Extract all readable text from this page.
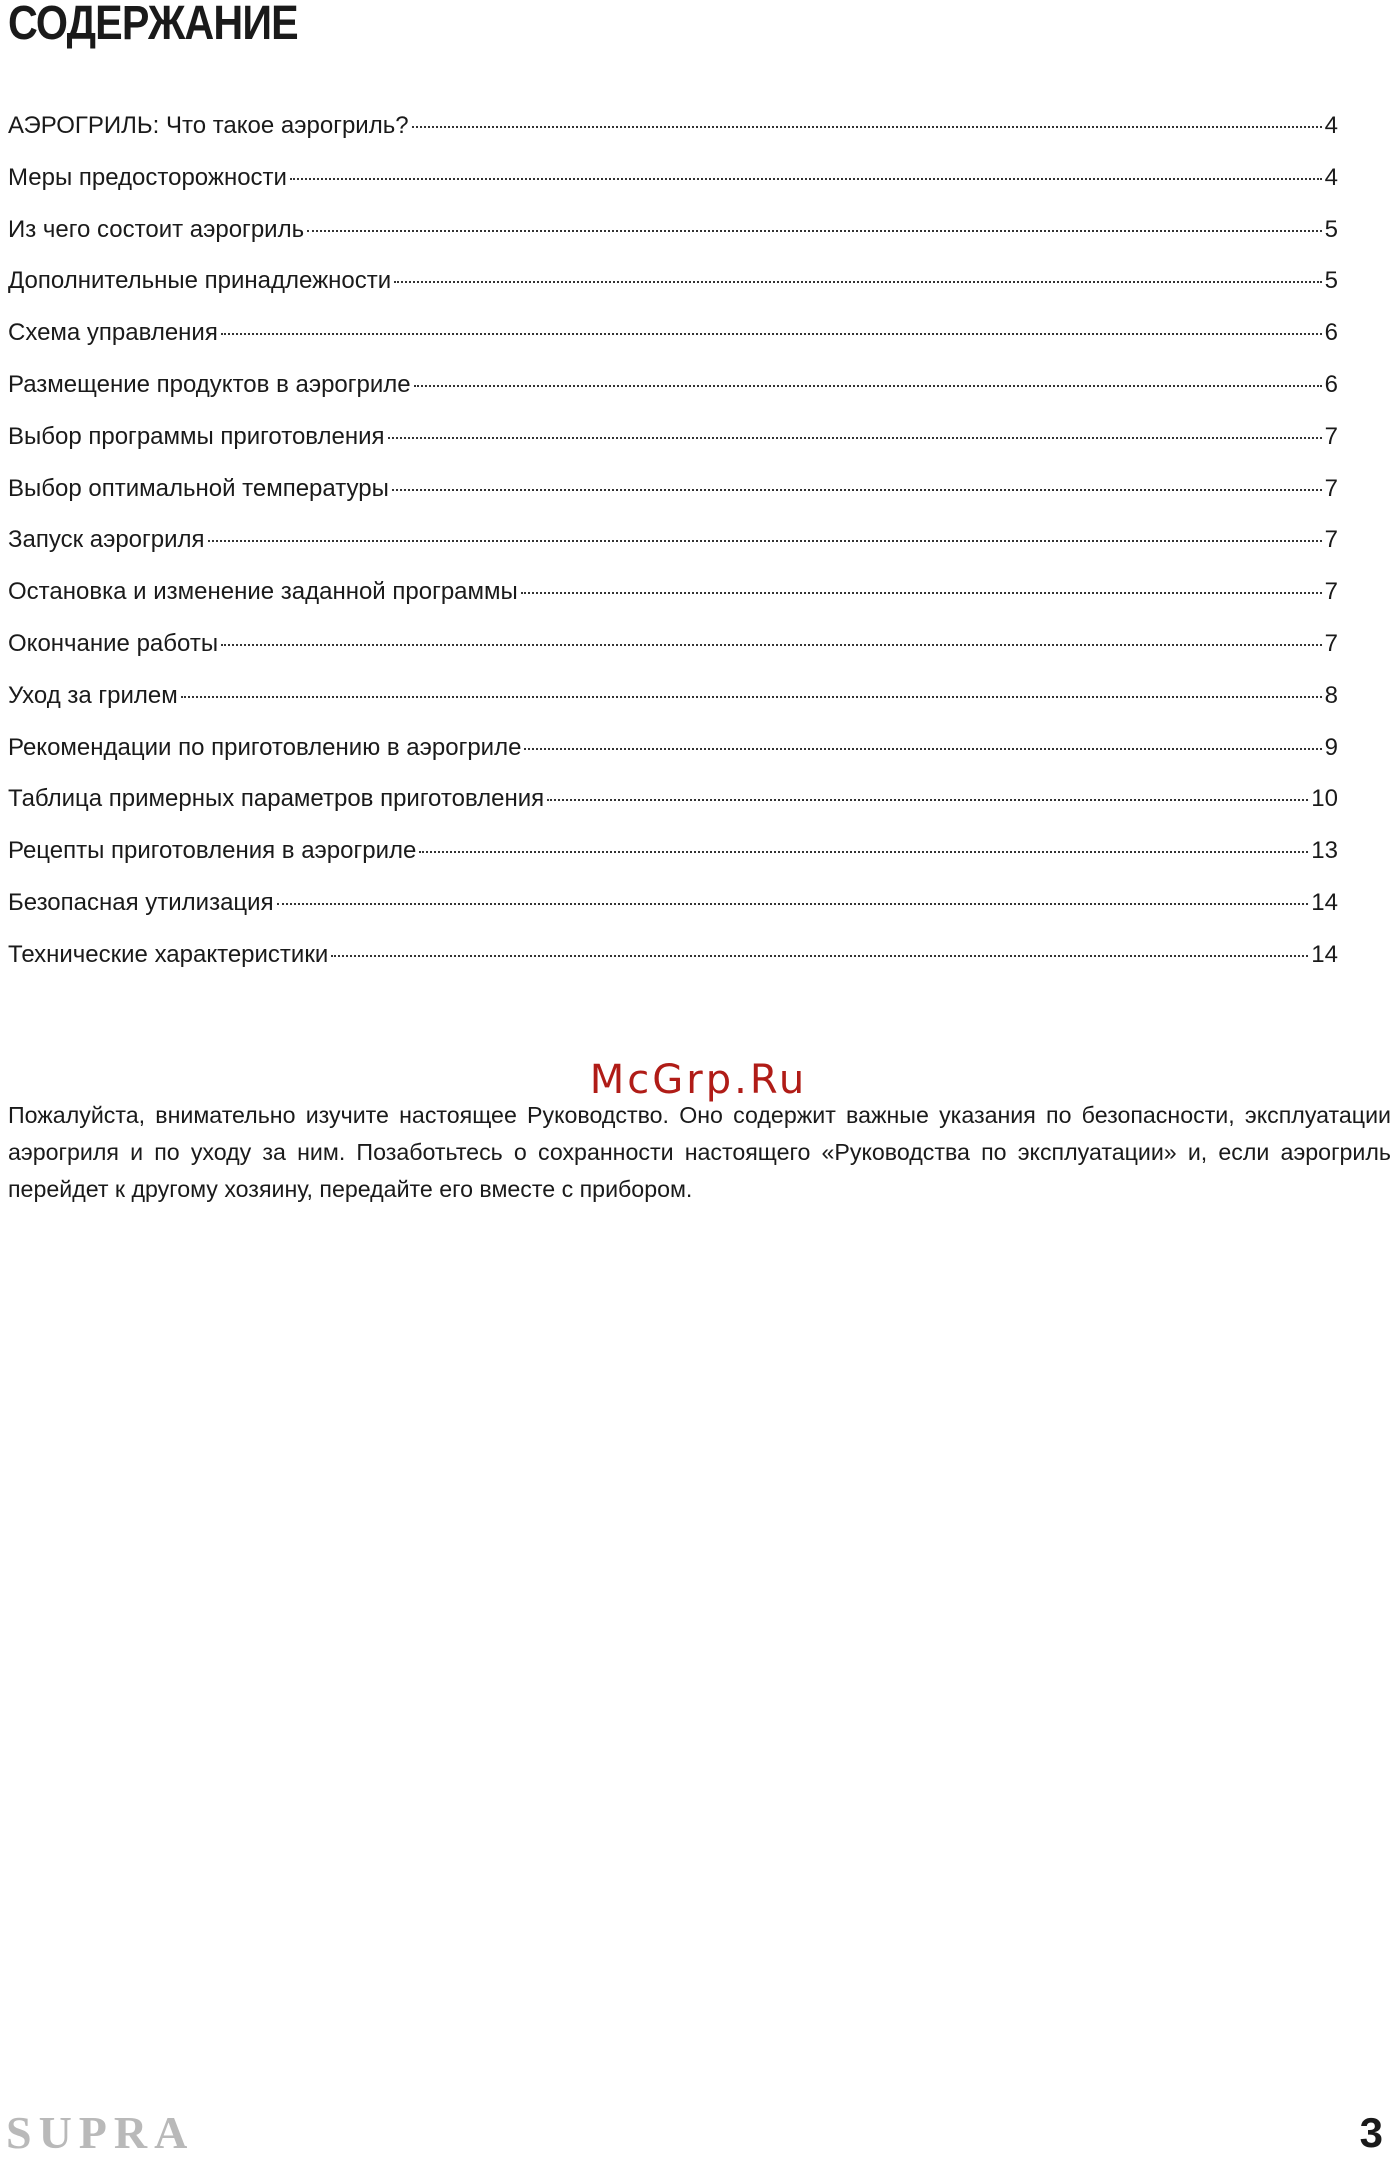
СОДЕРЖАНИЕ
АЭРОГРИЛЬ: Что такое аэрогриль?	4
Меры предосторожности	4
Из чего состоит аэрогриль	5
Дополнительные принадлежности	5
Схема управления	6
Размещение продуктов в аэрогриле	6
Выбор программы приготовления	7
Выбор оптимальной температуры	7
Запуск аэрогриля	7
Остановка и изменение заданной программы	7
Окончание работы	7
Уход за грилем	8
Рекомендации по приготовлению в аэрогриле	9
Таблица примерных параметров приготовления	10
Рецепты приготовления в аэрогриле	13
Безопасная утилизация	14
Технические характеристики	14
McGrp.Ru

Пожалуйста, внимательно изучите настоящее Руководство. Оно содержит важные указания по безопасности, эксплуатации аэрогриля и по уходу за ним. Позаботьтесь о сохранности настоящего «Руководства по эксплуатации» и, если аэрогриль перейдет к другому хозяину, передайте его вместе с прибором.

SUPRA	3
